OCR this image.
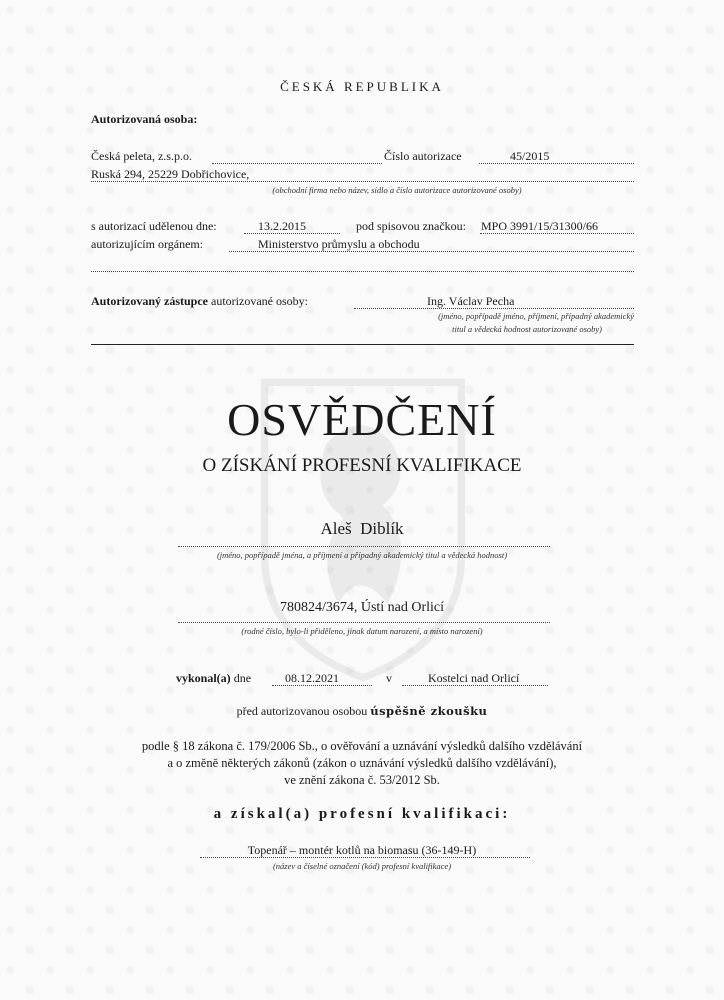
ČESKÁ REPUBLIKA
Autorizovaná osoba:
Česká peleta, z.s.p.o.	Číslo autorizace	45/2015
Ruská 294, 25229 Dobřichovice,
(obchodní firma nebo název, sídlo a číslo autorizace autorizované osoby)
s autorizací udělenou dne:	13.2.2015	pod spisovou značkou: MPO 3991/15/31300/66
autorizujícím orgánem:	Ministerstvo průmyslu a obchodu
Autorizovaný zástupce autorizované osoby:	Ing. Václav Pecha
(jméno, popřípadě jméno, příjmení, případný akademický
titul a vědecká hodnost autorizované osoby)
OSVĚDČENÍ
O ZÍSKÁNÍ PROFESNÍ KVALIFIKACE
Aleš  Diblík
(jméno, popřípadě jména, a příjmení a případný akademický titul a vědecká hodnost)
780824/3674, Ústí nad Orlicí
(rodné číslo, bylo-li přiděleno, jinak datum narození, a místo narození)
vykonal(a) dne	08.12.2021	v	Kostelci nad Orlicí
před autorizovanou osobou úspěšně zkoušku
podle § 18 zákona č. 179/2006 Sb., o ověřování a uznávání výsledků dalšího vzdělávání
a o změně některých zákonů (zákon o uznávání výsledků dalšího vzdělávání),
ve znění zákona č. 53/2012 Sb.
a získal(a) profesní kvalifikaci:
Topenář – montér kotlů na biomasu (36-149-H)
(název a číselné označení (kód) profesní kvalifikace)
